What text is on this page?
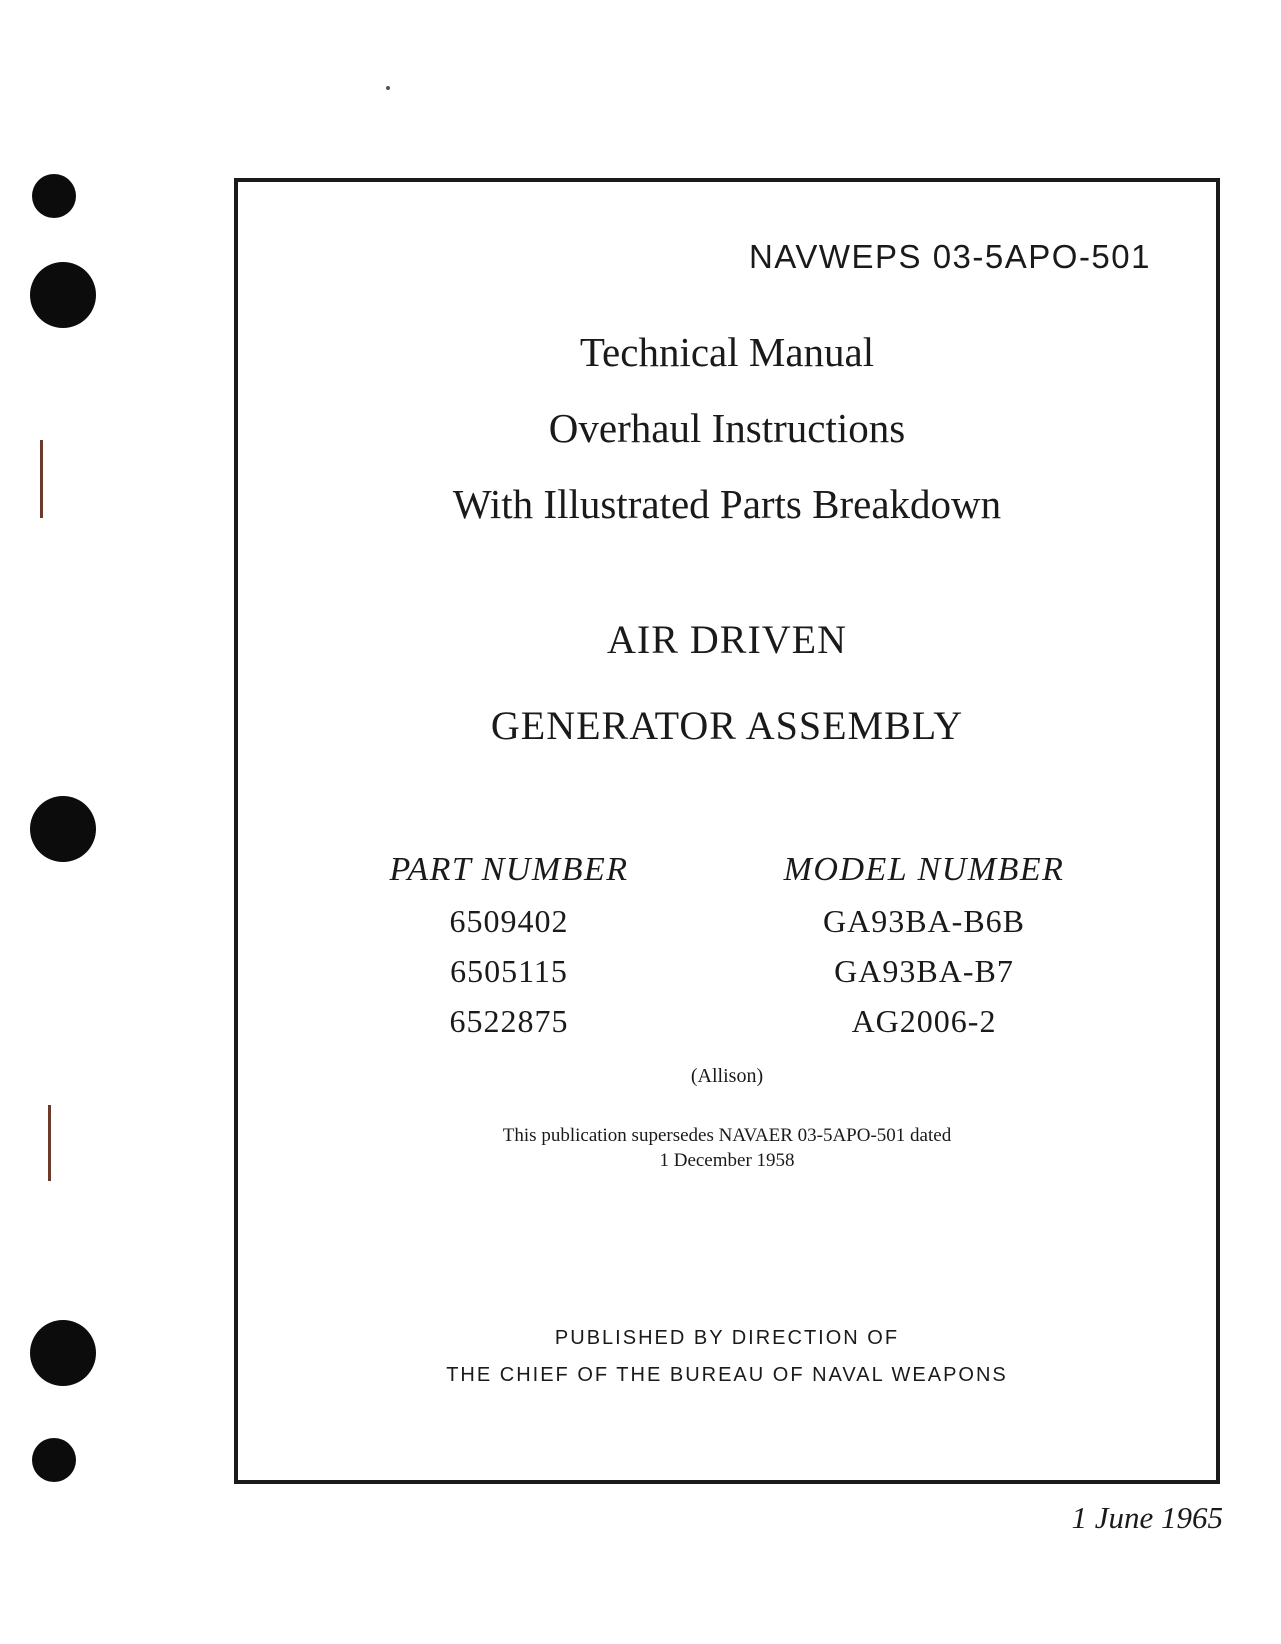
NAVWEPS 03-5APO-501
Technical Manual
Overhaul Instructions
With Illustrated Parts Breakdown
AIR DRIVEN
GENERATOR ASSEMBLY
PART NUMBER
6509402
6505115
6522875
MODEL NUMBER
GA93BA-B6B
GA93BA-B7
AG2006-2
(Allison)
This publication supersedes NAVAER 03-5APO-501 dated
1 December 1958
PUBLISHED BY DIRECTION OF
THE CHIEF OF THE BUREAU OF NAVAL WEAPONS
1 June 1965
